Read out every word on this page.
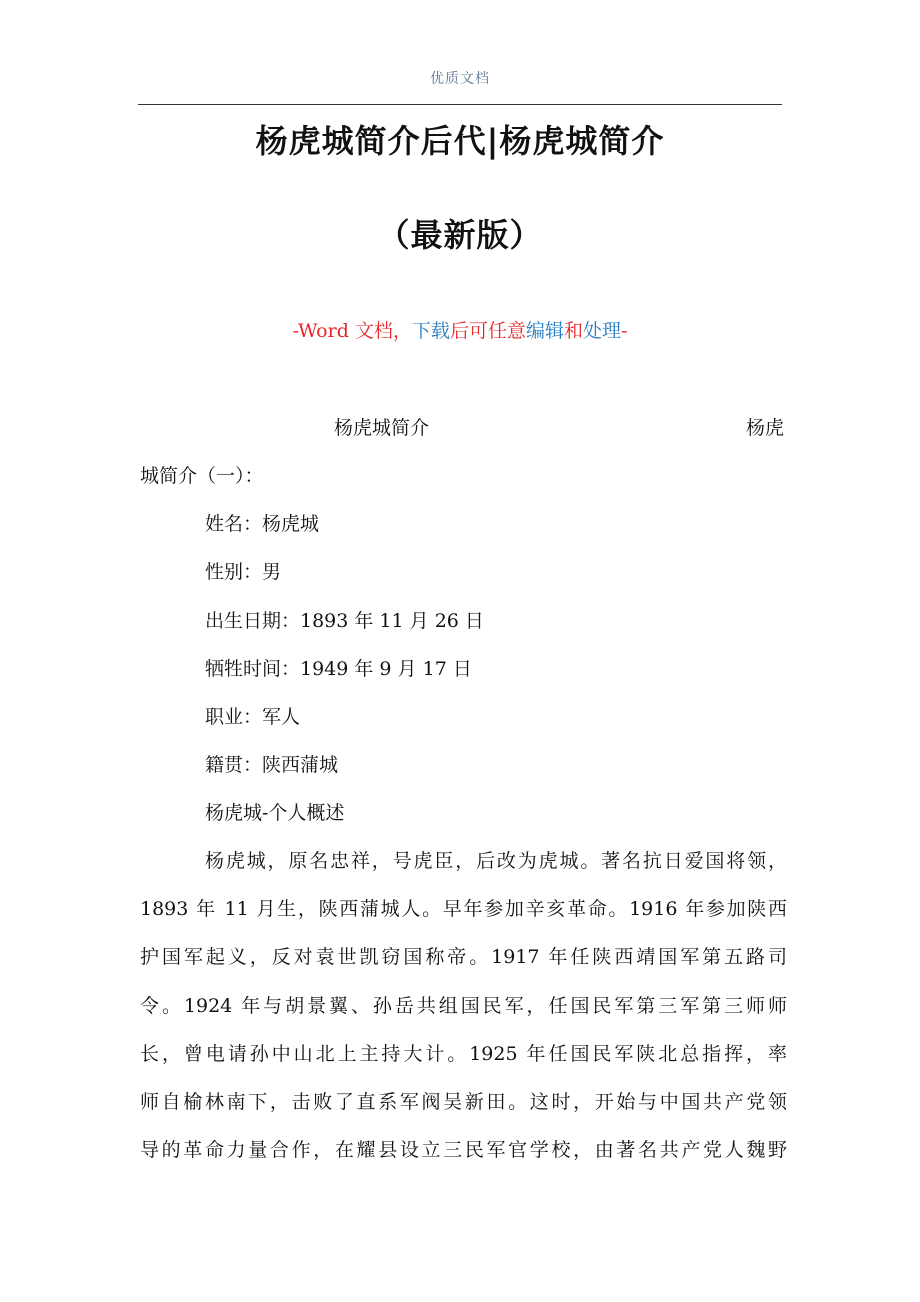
优质文档
杨虎城简介后代|杨虎城简介
（最新版）
-Word 文档，下载后可任意编辑和处理-
杨虎城简介	杨虎
城简介（一）：
姓名：杨虎城
性别：男
出生日期：1893 年 11 月 26 日
牺牲时间：1949 年 9 月 17 日
职业：军人
籍贯：陕西蒲城
杨虎城-个人概述
杨虎城，原名忠祥，号虎臣，后改为虎城。著名抗日爱国将领，
1893 年 11 月生，陕西蒲城人。早年参加辛亥革命。1916 年参加陕西
护国军起义，反对袁世凯窃国称帝。1917 年任陕西靖国军第五路司
令。1924 年与胡景翼、孙岳共组国民军，任国民军第三军第三师师
长，曾电请孙中山北上主持大计。1925 年任国民军陕北总指挥，率
师自榆林南下，击败了直系军阀吴新田。这时，开始与中国共产党领
导的革命力量合作，在耀县设立三民军官学校，由著名共产党人魏野
